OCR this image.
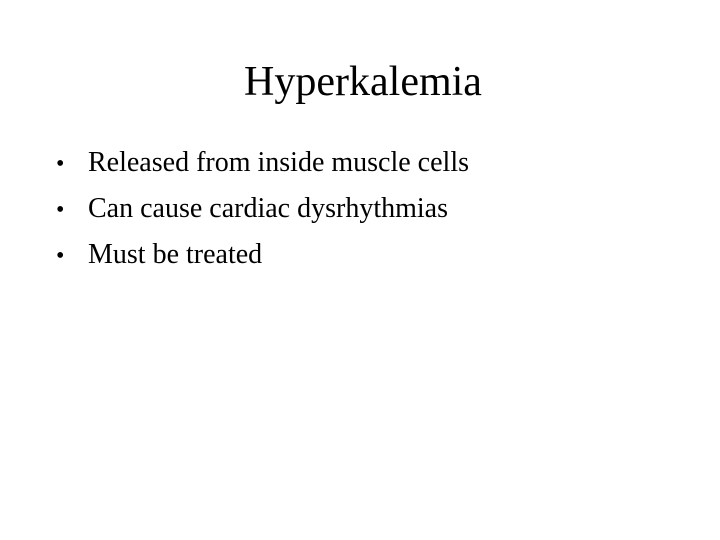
Hyperkalemia
• Released from inside muscle cells
• Can cause cardiac dysrhythmias
• Must be treated
